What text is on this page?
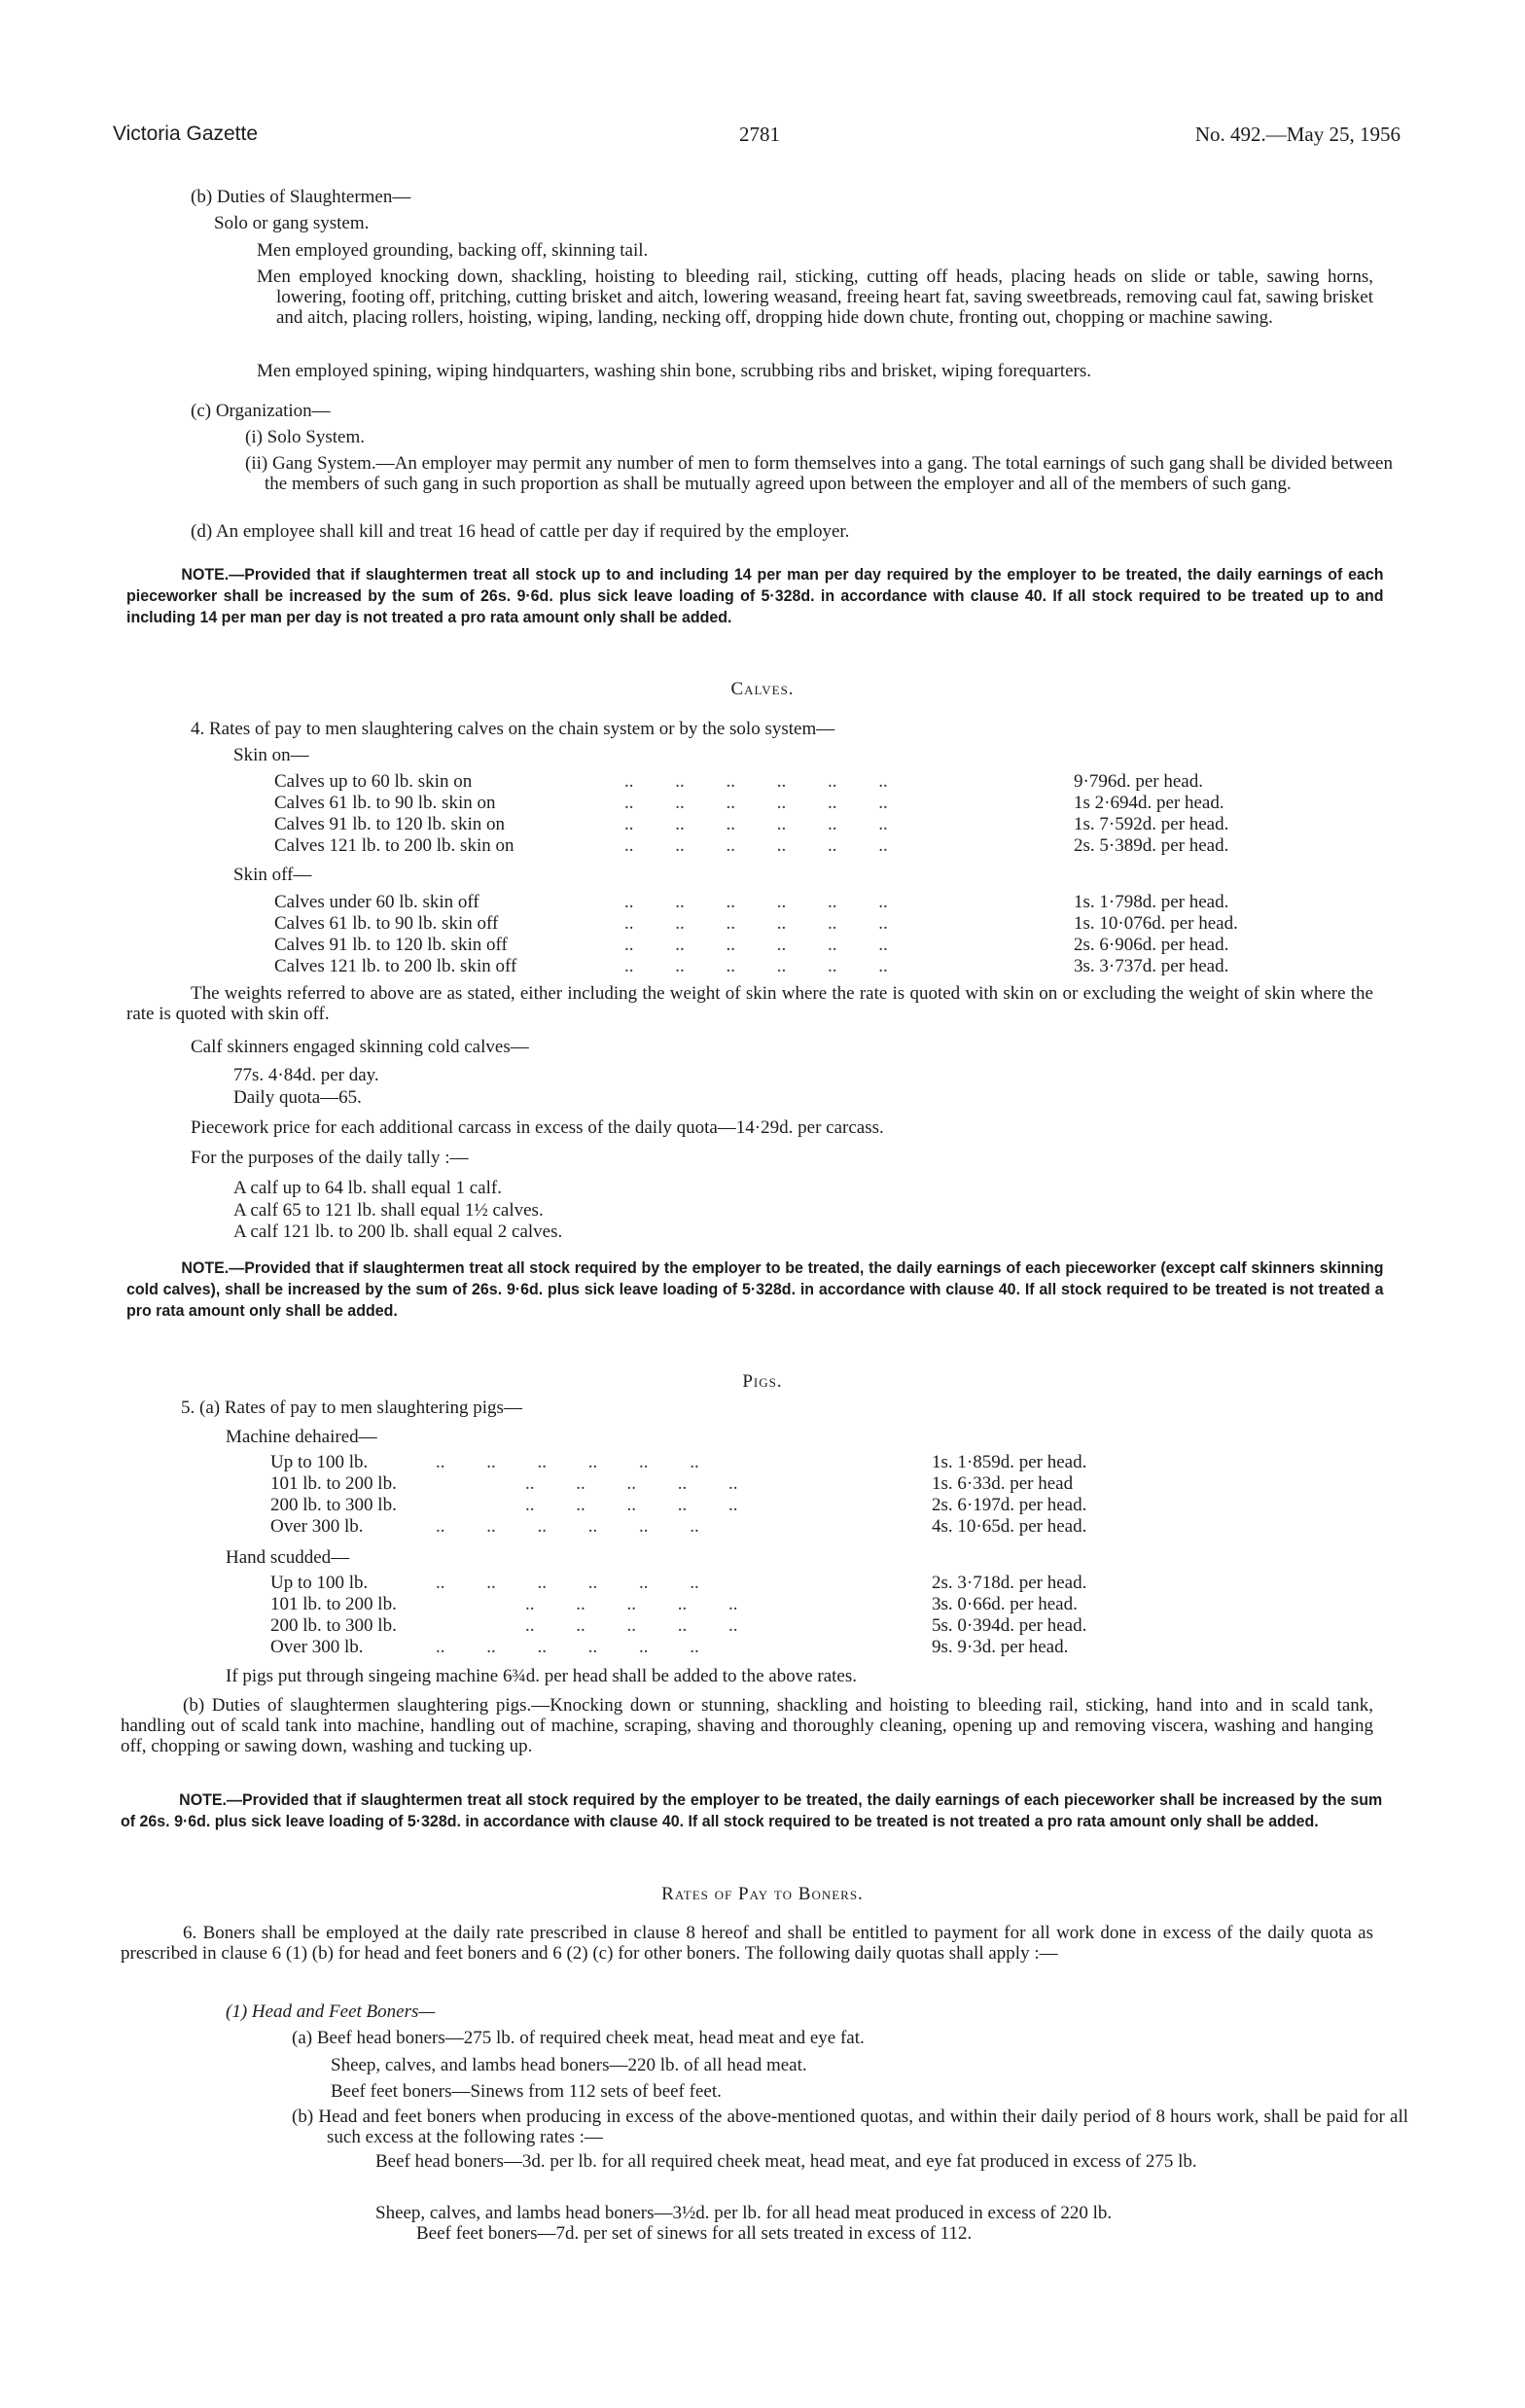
Victoria Gazette	2781	No. 492.—May 25, 1956
(b) Duties of Slaughtermen—
Solo or gang system.
Men employed grounding, backing off, skinning tail.
Men employed knocking down, shackling, hoisting to bleeding rail, sticking, cutting off heads, placing heads on slide or table, sawing horns, lowering, footing off, pritching, cutting brisket and aitch, lowering weasand, freeing heart fat, saving sweetbreads, removing caul fat, sawing brisket and aitch, placing rollers, hoisting, wiping, landing, necking off, dropping hide down chute, fronting out, chopping or machine sawing.
Men employed spining, wiping hindquarters, washing shin bone, scrubbing ribs and brisket, wiping forequarters.
(c) Organization—
(i) Solo System.
(ii) Gang System.—An employer may permit any number of men to form themselves into a gang. The total earnings of such gang shall be divided between the members of such gang in such proportion as shall be mutually agreed upon between the employer and all of the members of such gang.
(d) An employee shall kill and treat 16 head of cattle per day if required by the employer.
NOTE.—Provided that if slaughtermen treat all stock up to and including 14 per man per day required by the employer to be treated, the daily earnings of each pieceworker shall be increased by the sum of 26s. 9·6d. plus sick leave loading of 5·328d. in accordance with clause 40. If all stock required to be treated up to and including 14 per man per day is not treated a pro rata amount only shall be added.
Calves.
4. Rates of pay to men slaughtering calves on the chain system or by the solo system—
Skin on—
Calves up to 60 lb. skin on	..         ..         ..         ..         ..         ..	9·796d. per head.
Calves 61 lb. to 90 lb. skin on	..         ..         ..         ..         ..         ..	1s 2·694d. per head.
Calves 91 lb. to 120 lb. skin on	..         ..         ..         ..         ..         ..	1s. 7·592d. per head.
Calves 121 lb. to 200 lb. skin on	..         ..         ..         ..         ..         ..	2s. 5·389d. per head.
Skin off—
Calves under 60 lb. skin off	..         ..         ..         ..         ..         ..	1s. 1·798d. per head.
Calves 61 lb. to 90 lb. skin off	..         ..         ..         ..         ..         ..	1s. 10·076d. per head.
Calves 91 lb. to 120 lb. skin off	..         ..         ..         ..         ..         ..	2s. 6·906d. per head.
Calves 121 lb. to 200 lb. skin off	..         ..         ..         ..         ..         ..	3s. 3·737d. per head.
The weights referred to above are as stated, either including the weight of skin where the rate is quoted with skin on or excluding the weight of skin where the rate is quoted with skin off.
Calf skinners engaged skinning cold calves—
77s. 4·84d. per day.
Daily quota—65.
Piecework price for each additional carcass in excess of the daily quota—14·29d. per carcass.
For the purposes of the daily tally :—
A calf up to 64 lb. shall equal 1 calf.
A calf 65 to 121 lb. shall equal 1½ calves.
A calf 121 lb. to 200 lb. shall equal 2 calves.
NOTE.—Provided that if slaughtermen treat all stock required by the employer to be treated, the daily earnings of each pieceworker (except calf skinners skinning cold calves), shall be increased by the sum of 26s. 9·6d. plus sick leave loading of 5·328d. in accordance with clause 40. If all stock required to be treated is not treated a pro rata amount only shall be added.
Pigs.
5. (a) Rates of pay to men slaughtering pigs—
Machine dehaired—
Up to 100 lb.	..         ..         ..         ..         ..         ..	1s. 1·859d. per head.
101 lb. to 200 lb.	..         ..         ..         ..         ..	1s. 6·33d. per head
200 lb. to 300 lb.	..         ..         ..         ..         ..	2s. 6·197d. per head.
Over 300 lb.	..         ..         ..         ..         ..         ..	4s. 10·65d. per head.
Hand scudded—
Up to 100 lb.	..         ..         ..         ..         ..         ..	2s. 3·718d. per head.
101 lb. to 200 lb.	..         ..         ..         ..         ..	3s. 0·66d. per head.
200 lb. to 300 lb.	..         ..         ..         ..         ..	5s. 0·394d. per head.
Over 300 lb.	..         ..         ..         ..         ..         ..	9s. 9·3d. per head.
If pigs put through singeing machine 6¾d. per head shall be added to the above rates.
(b) Duties of slaughtermen slaughtering pigs.—Knocking down or stunning, shackling and hoisting to bleeding rail, sticking, hand into and in scald tank, handling out of scald tank into machine, handling out of machine, scraping, shaving and thoroughly cleaning, opening up and removing viscera, washing and hanging off, chopping or sawing down, washing and tucking up.
NOTE.—Provided that if slaughtermen treat all stock required by the employer to be treated, the daily earnings of each pieceworker shall be increased by the sum of 26s. 9·6d. plus sick leave loading of 5·328d. in accordance with clause 40. If all stock required to be treated is not treated a pro rata amount only shall be added.
Rates of Pay to Boners.
6. Boners shall be employed at the daily rate prescribed in clause 8 hereof and shall be entitled to payment for all work done in excess of the daily quota as prescribed in clause 6 (1) (b) for head and feet boners and 6 (2) (c) for other boners. The following daily quotas shall apply :—
(1) Head and Feet Boners—
(a) Beef head boners—275 lb. of required cheek meat, head meat and eye fat.
Sheep, calves, and lambs head boners—220 lb. of all head meat.
Beef feet boners—Sinews from 112 sets of beef feet.
(b) Head and feet boners when producing in excess of the above-mentioned quotas, and within their daily period of 8 hours work, shall be paid for all such excess at the following rates :—
Beef head boners—3d. per lb. for all required cheek meat, head meat, and eye fat produced in excess of 275 lb.
Sheep, calves, and lambs head boners—3½d. per lb. for all head meat produced in excess of 220 lb.
Beef feet boners—7d. per set of sinews for all sets treated in excess of 112.
